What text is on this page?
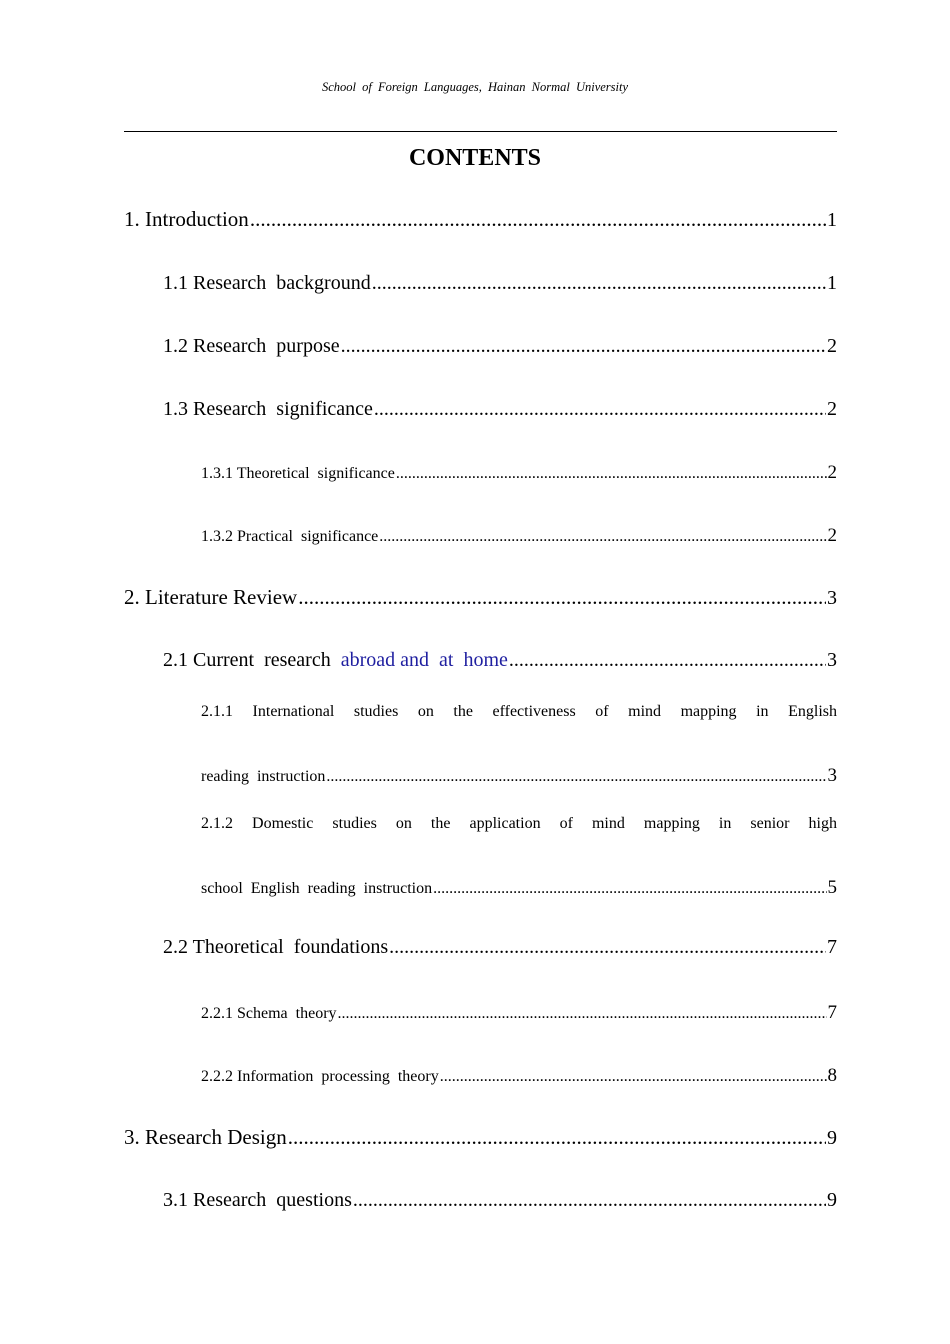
School of Foreign Languages, Hainan Normal University
CONTENTS
1. Introduction .....	1
1.1 Research  background .....	1
1.2 Research  purpose .....	2
1.3 Research  significance .....	2
1.3.1 Theoretical  significance .....	2
1.3.2 Practical  significance .....	2
2. Literature Review .....	3
2.1 Current  research abroad and  at  home .....	3
2.1.1 International studies on the effectiveness of mind mapping in English
reading  instruction .....	3
2.1.2 Domestic studies on the application of mind mapping in senior high
school  English  reading  instruction .....	5
2.2 Theoretical  foundations .....	7
2.2.1 Schema  theory .....	7
2.2.2 Information  processing  theory .....	8
3. Research Design .....	9
3.1 Research  questions .....	9
